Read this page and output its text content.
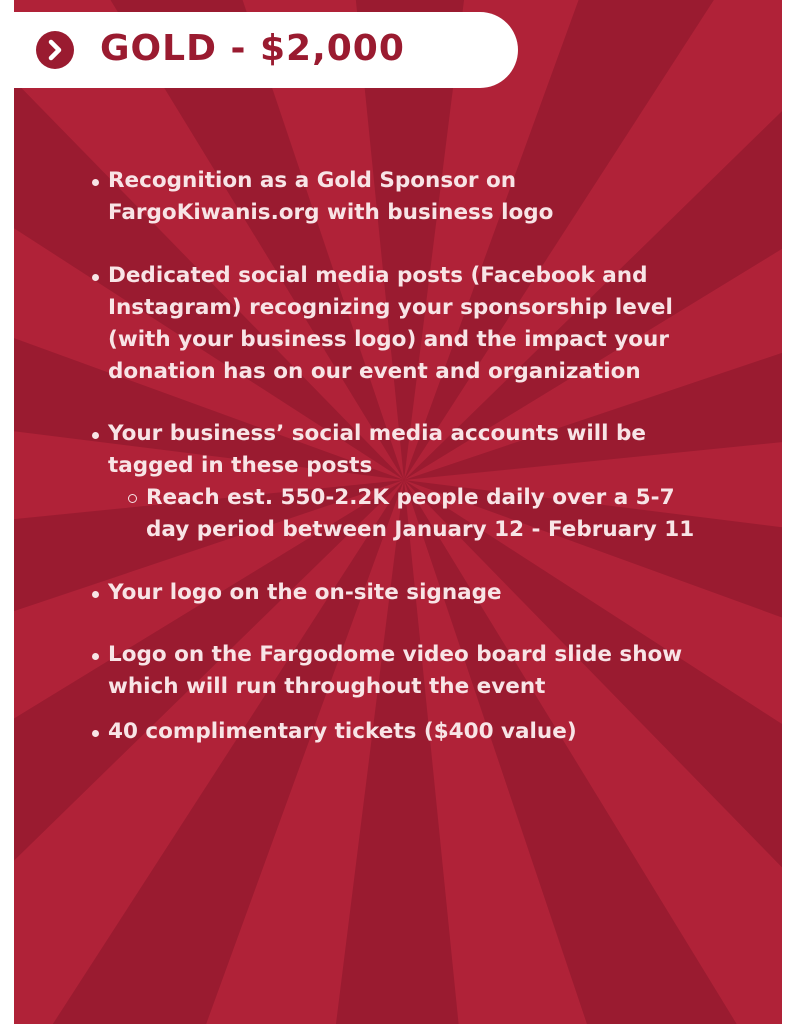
GOLD - $2,000
Recognition as a Gold Sponsor on FargoKiwanis.org with business logo
Dedicated social media posts (Facebook and Instagram) recognizing your sponsorship level (with your business logo) and the impact your donation has on our event and organization
Your business’ social media accounts will be tagged in these posts
Reach est. 550-2.2K people daily over a 5-7 day period between January 12 - February 11
Your logo on the on-site signage
Logo on the Fargodome video board slide show which will run throughout the event
40 complimentary tickets ($400 value)
